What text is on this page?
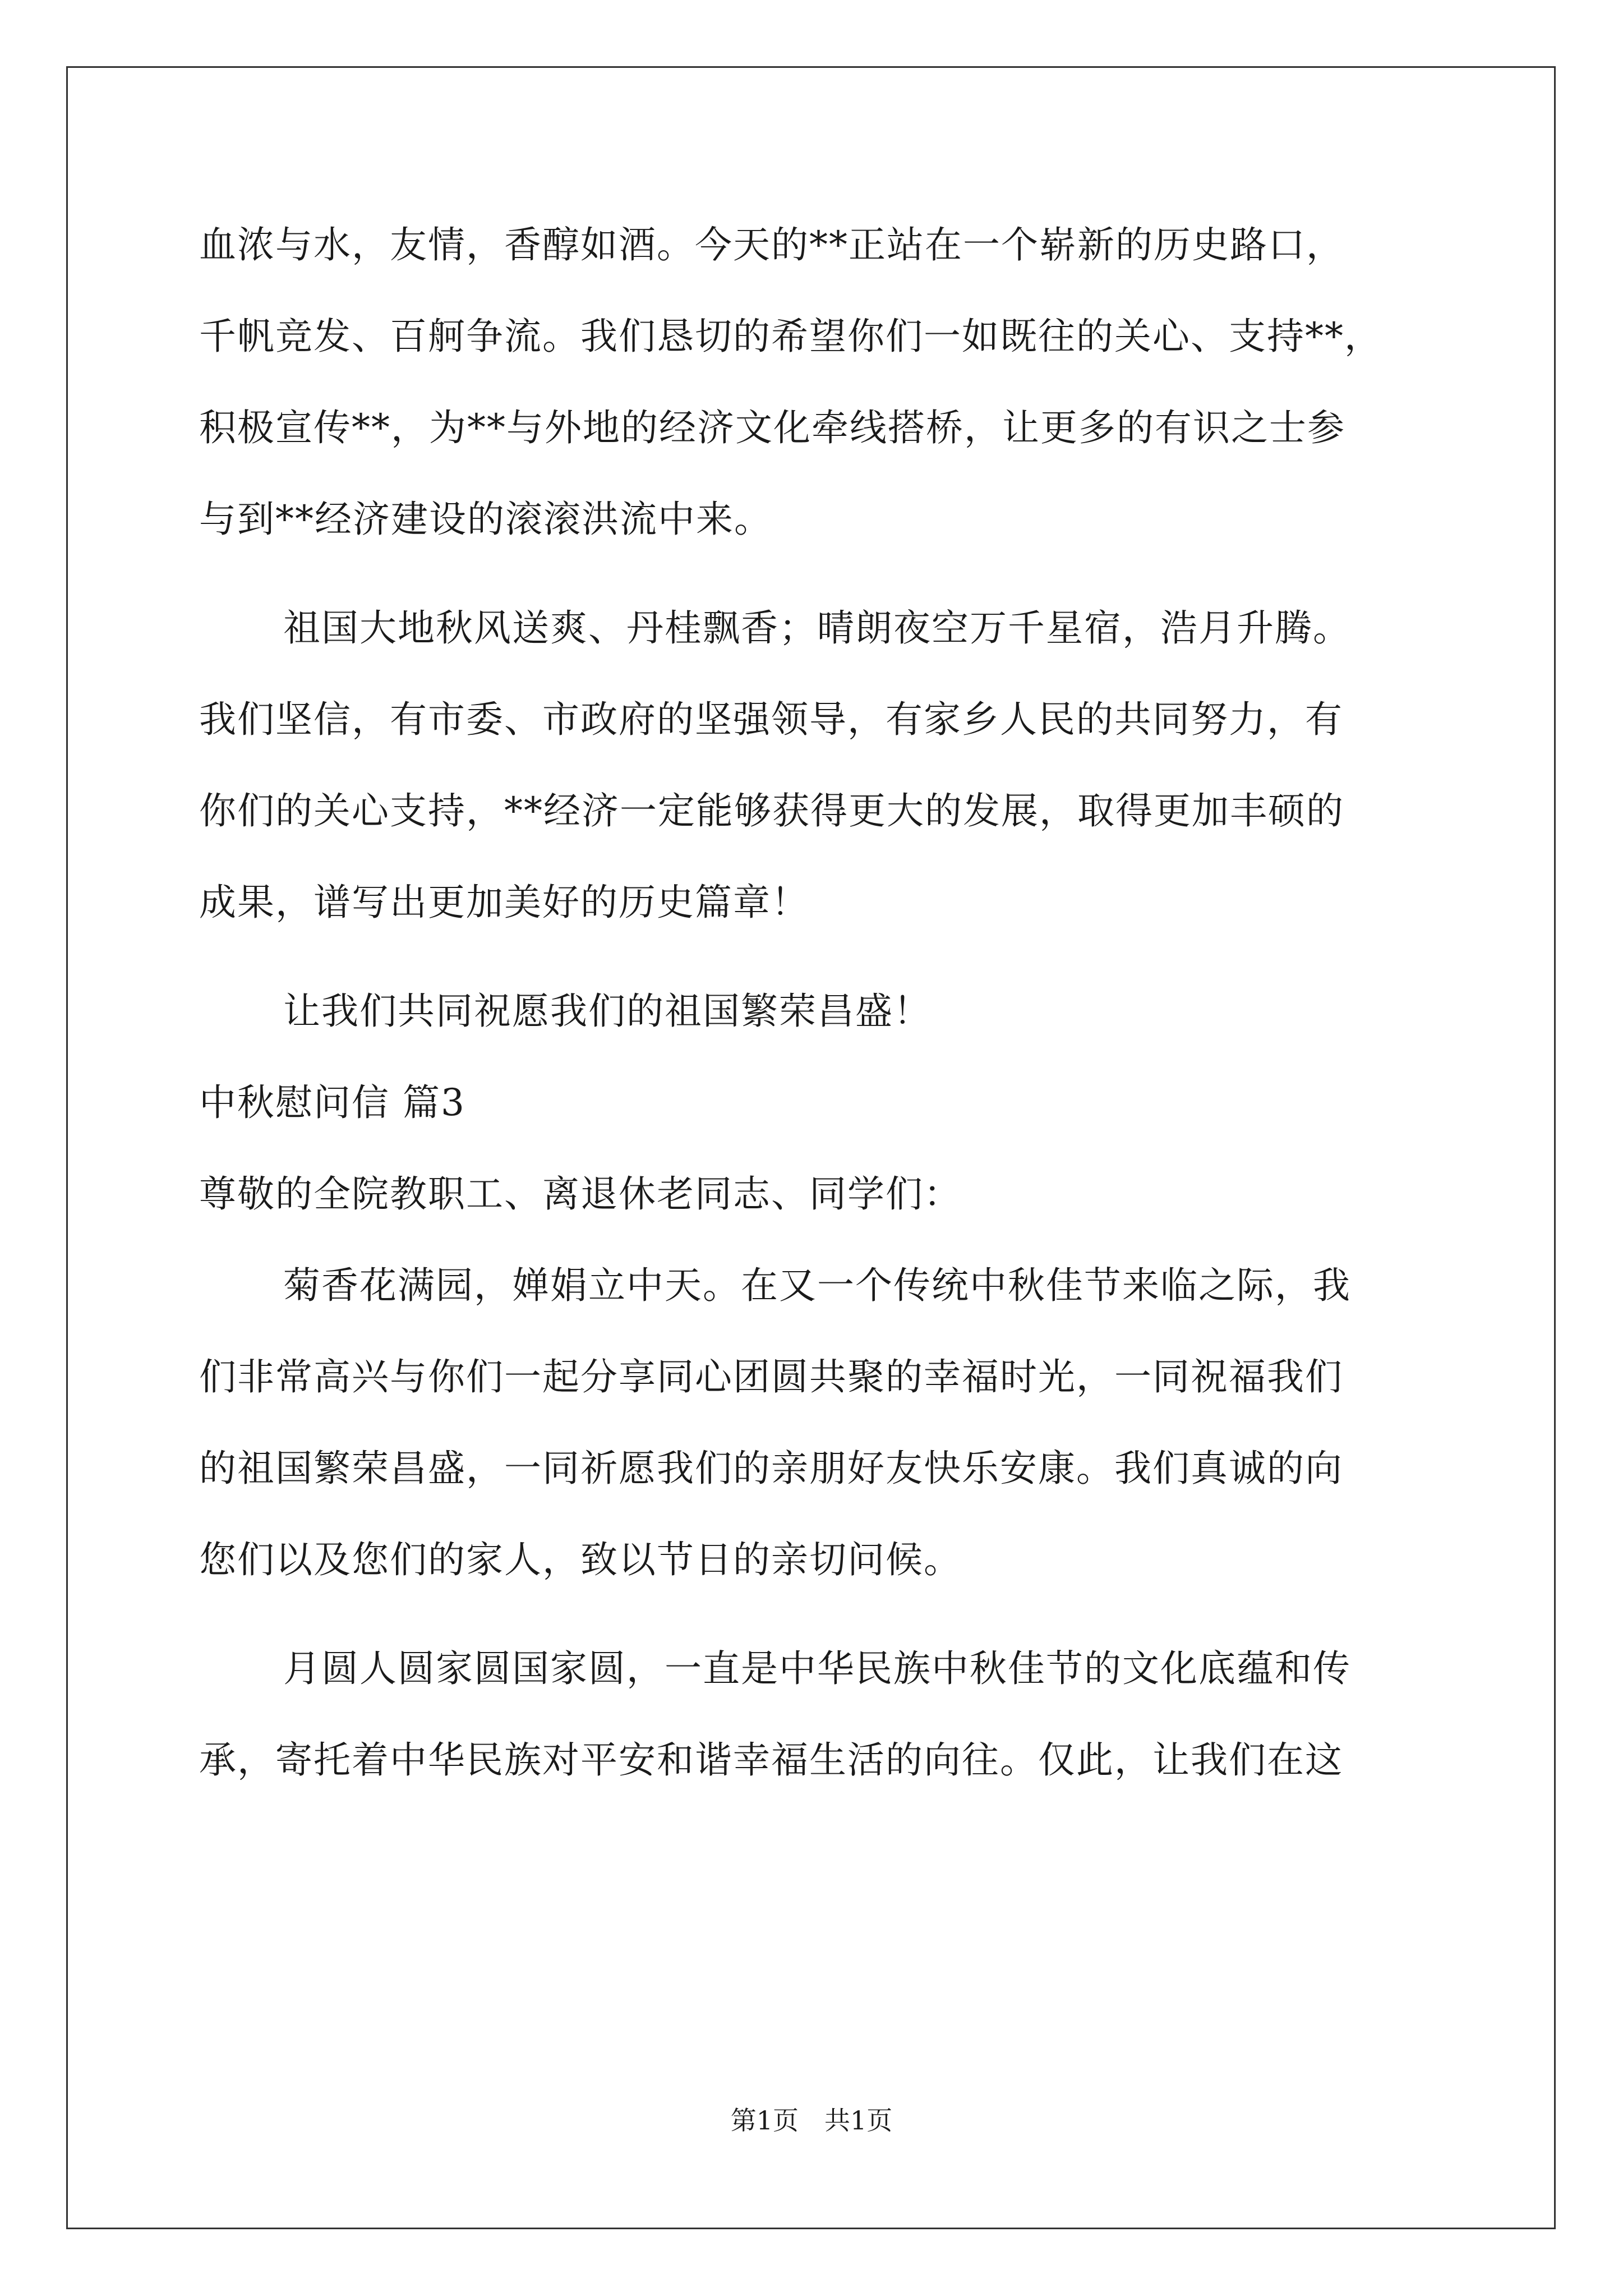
血浓与水，友情，香醇如酒。今天的**正站在一个崭新的历史路口，
千帆竞发、百舸争流。我们恳切的希望你们一如既往的关心、支持**，
积极宣传**，为**与外地的经济文化牵线搭桥，让更多的有识之士参
与到**经济建设的滚滚洪流中来。
祖国大地秋风送爽、丹桂飘香；晴朗夜空万千星宿，浩月升腾。
我们坚信，有市委、市政府的坚强领导，有家乡人民的共同努力，有
你们的关心支持，**经济一定能够获得更大的发展，取得更加丰硕的
成果，谱写出更加美好的历史篇章！
让我们共同祝愿我们的祖国繁荣昌盛！
中秋慰问信 篇3
尊敬的全院教职工、离退休老同志、同学们：
菊香花满园，婵娟立中天。在又一个传统中秋佳节来临之际，我
们非常高兴与你们一起分享同心团圆共聚的幸福时光，一同祝福我们
的祖国繁荣昌盛，一同祈愿我们的亲朋好友快乐安康。我们真诚的向
您们以及您们的家人，致以节日的亲切问候。
月圆人圆家圆国家圆，一直是中华民族中秋佳节的文化底蕴和传
承，寄托着中华民族对平安和谐幸福生活的向往。仅此，让我们在这
第1页　共1页
